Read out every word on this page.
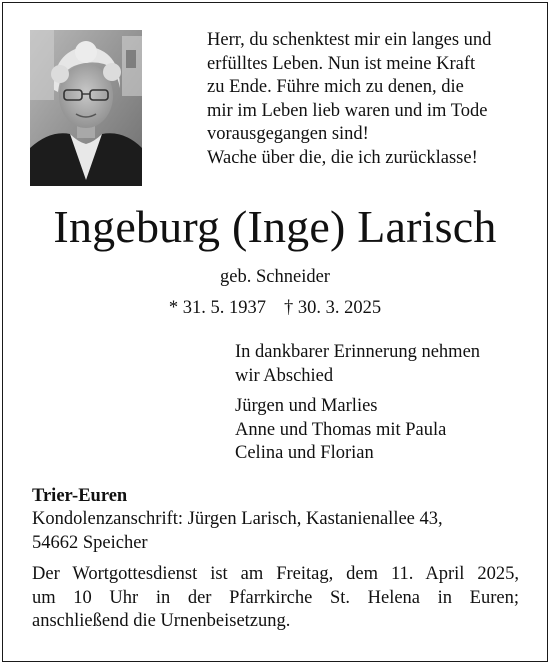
Herr, du schenktest mir ein langes und
erfülltes Leben. Nun ist meine Kraft
zu Ende. Führe mich zu denen, die
mir im Leben lieb waren und im Tode
vorausgegangen sind!
Wache über die, die ich zurücklasse!
Ingeburg (Inge) Larisch
geb. Schneider
* 31. 5. 1937 † 30. 3. 2025
In dankbarer Erinnerung nehmen
wir Abschied
Jürgen und Marlies
Anne und Thomas mit Paula
Celina und Florian
Trier-Euren
Kondolenzanschrift: Jürgen Larisch, Kastanienallee 43,
54662 Speicher
Der Wortgottesdienst ist am Freitag, dem 11. April 2025,
um 10 Uhr in der Pfarrkirche St. Helena in Euren;
anschließend die Urnenbeisetzung.
